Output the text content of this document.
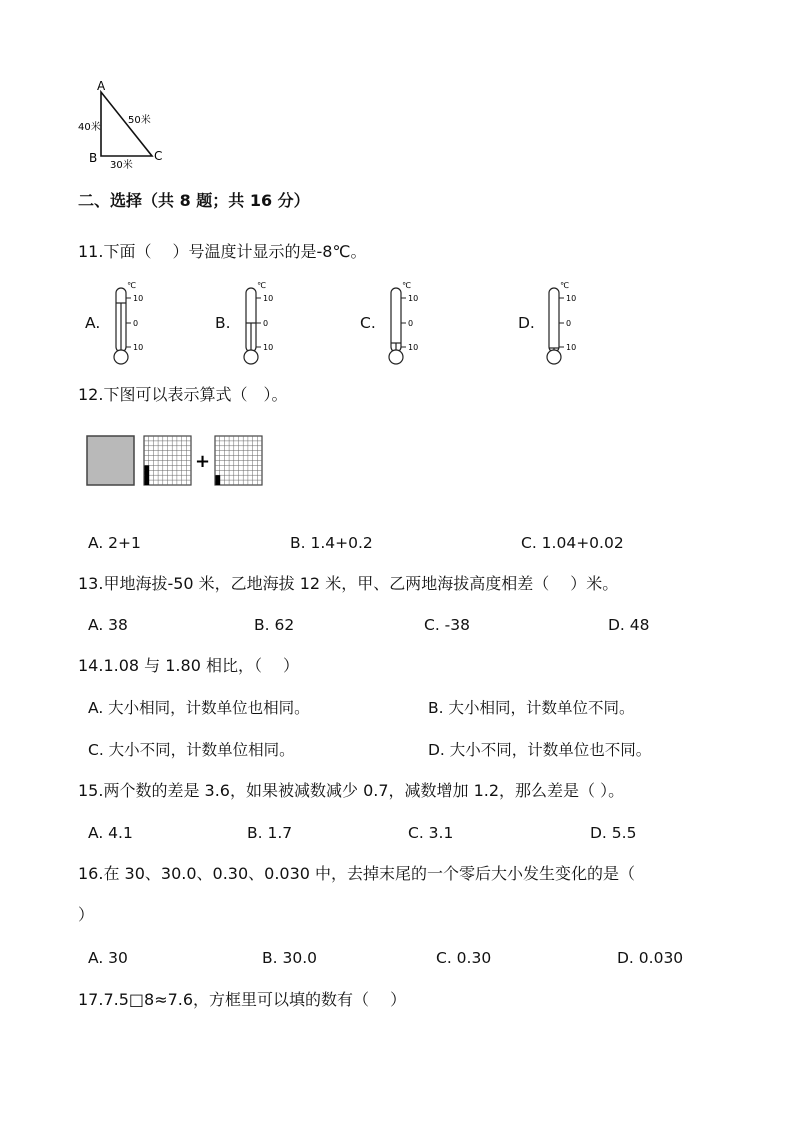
A
B	C
40米
50米
30米
二、选择（共 8 题；共 16 分）
11.下面（　 ）号温度计显示的是-8℃。
A.
10
0
10
℃
B.
10
0
10
℃
C.
10
0
10
℃
D.
10
0
10
℃
12.下图可以表示算式（　）。
+
A. 2+1	B. 1.4+0.2	C. 1.04+0.02
13.甲地海拔-50 米，乙地海拔 12 米，甲、乙两地海拔高度相差（　 ）米。
A. 38	B. 62	C. -38	D. 48
14.1.08 与 1.80 相比，（　 ）
A. 大小相同，计数单位也相同。	B. 大小相同，计数单位不同。
C. 大小不同，计数单位相同。	D. 大小不同，计数单位也不同。
15.两个数的差是 3.6，如果被减数减少 0.7，减数增加 1.2，那么差是（ ）。
A. 4.1	B. 1.7	C. 3.1	D. 5.5
16.在 30、30.0、0.30、0.030 中，去掉末尾的一个零后大小发生变化的是（
）
A. 30	B. 30.0	C. 0.30	D. 0.030
17.7.5□8≈7.6，方框里可以填的数有（　 ）
